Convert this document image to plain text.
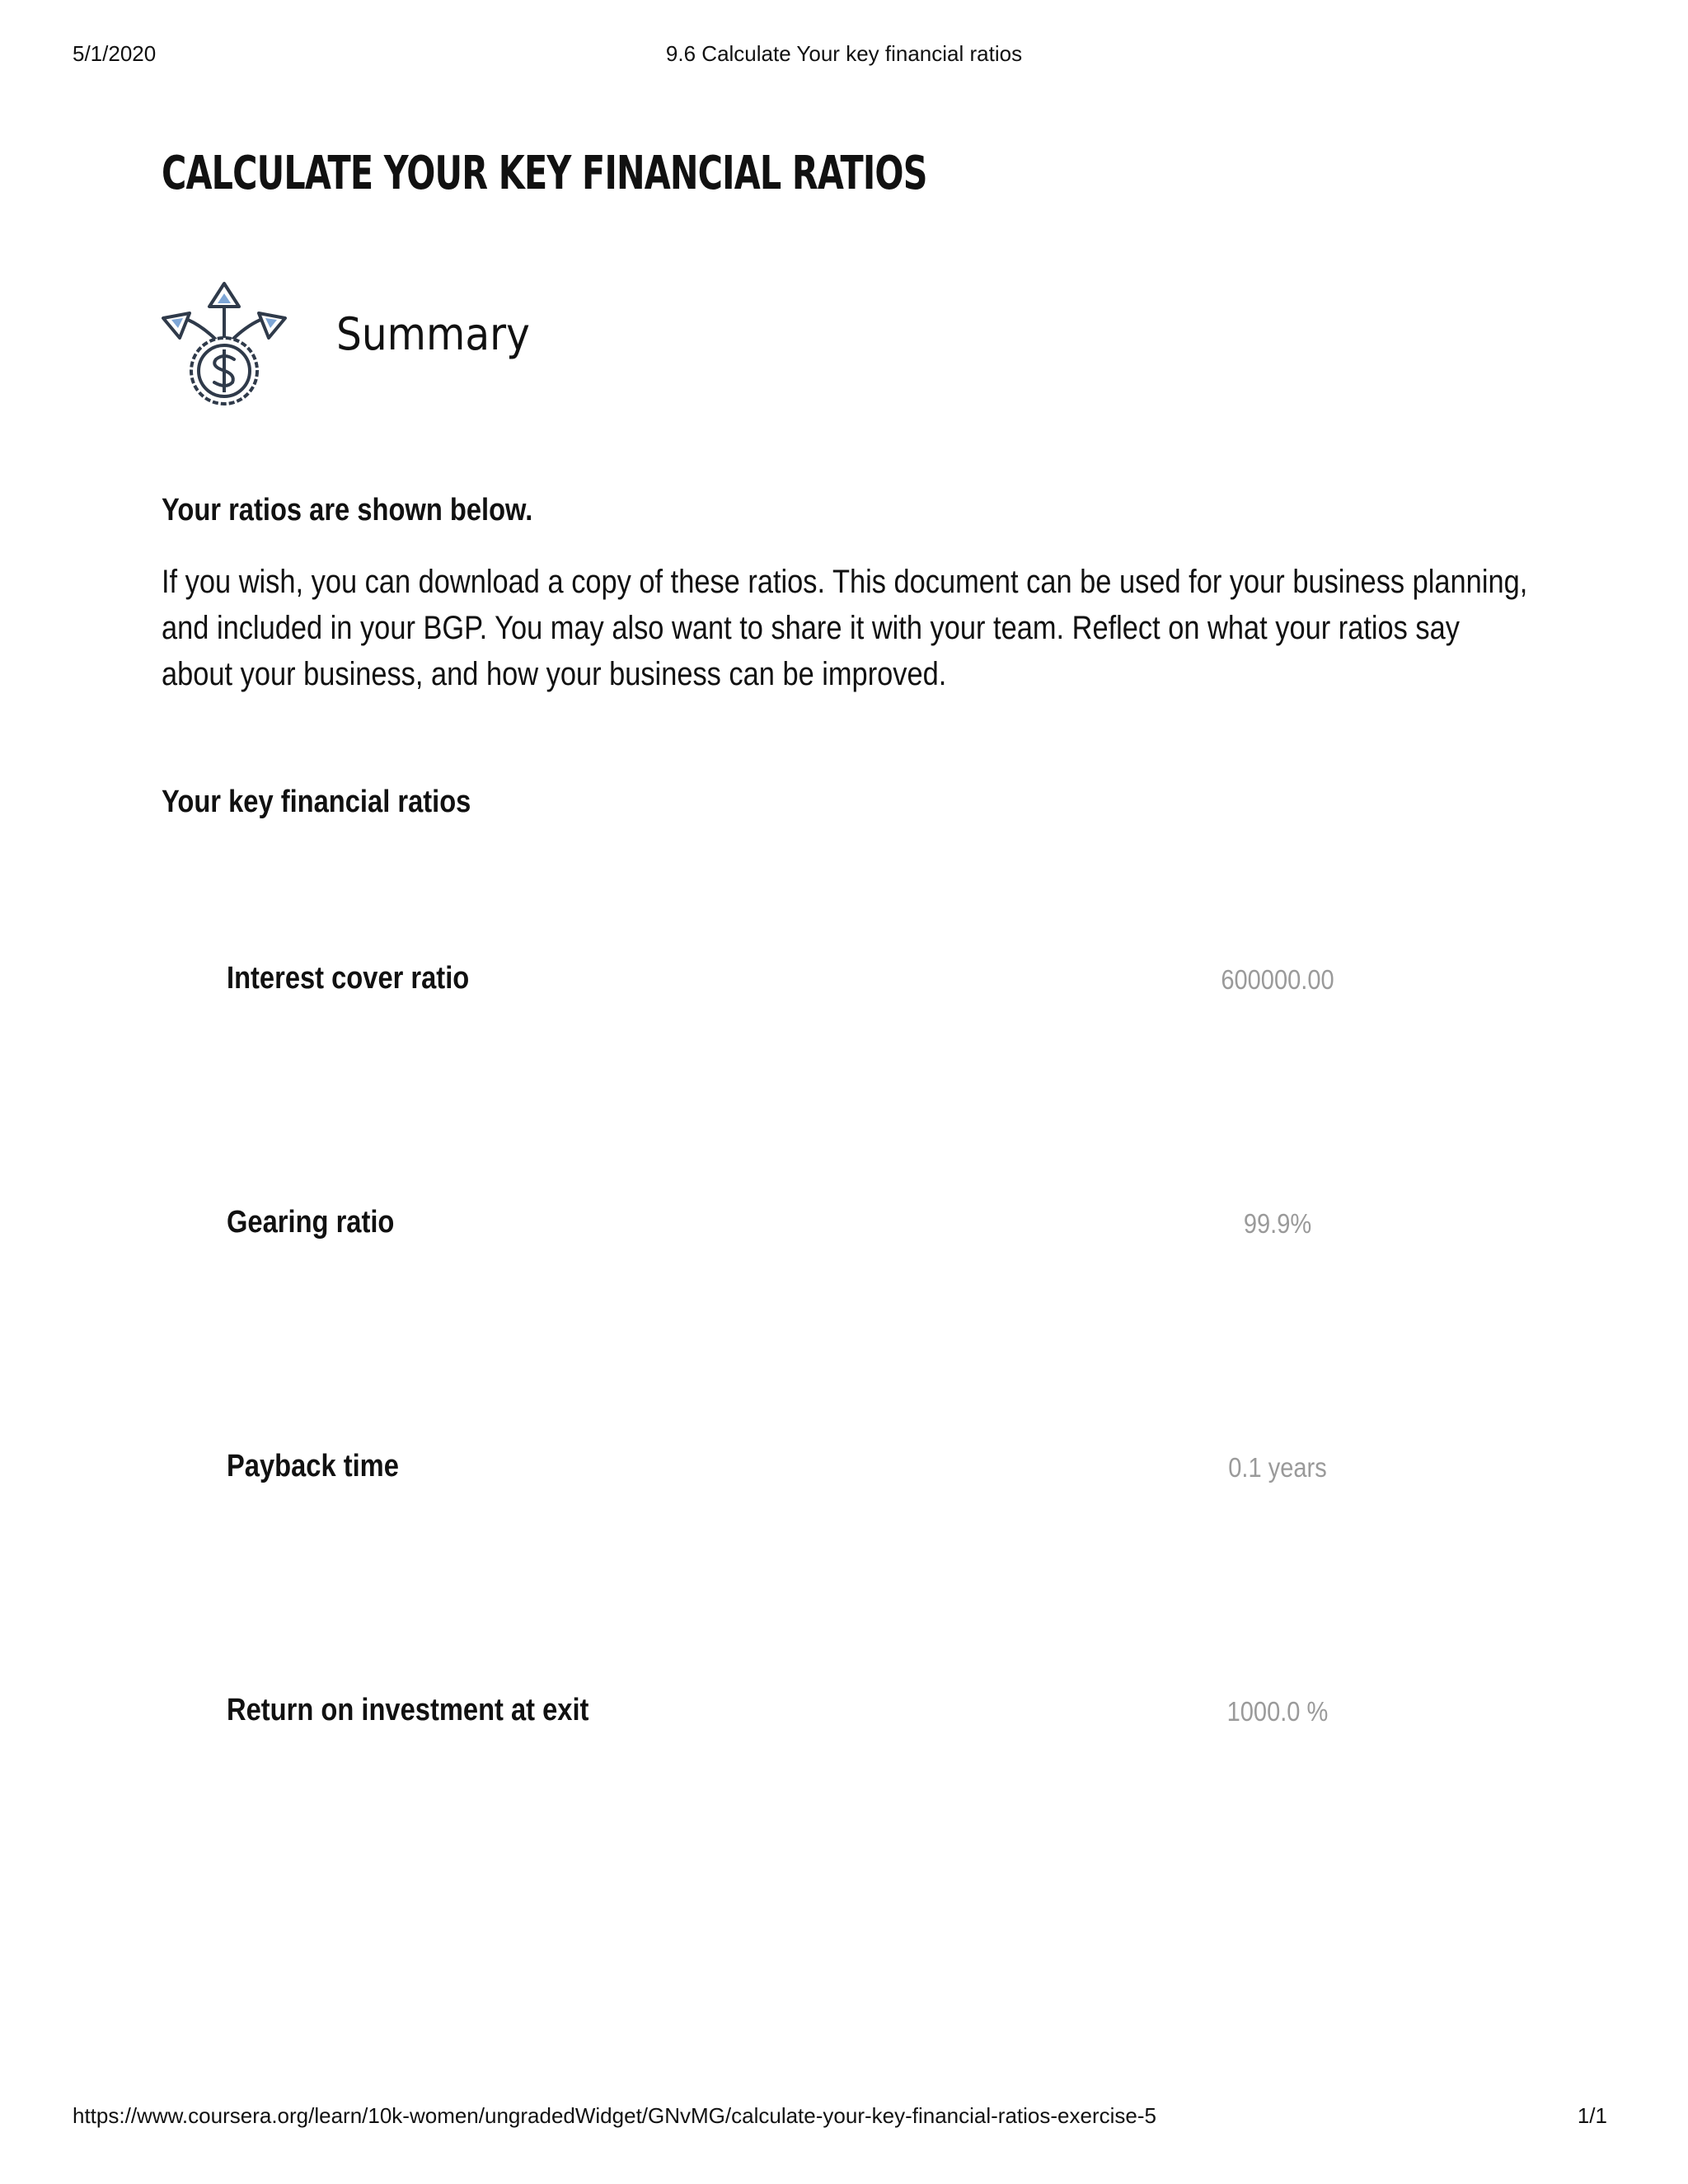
5/1/2020	9.6 Calculate Your key financial ratios
CALCULATE YOUR KEY FINANCIAL RATIOS
Summary

Your ratios are shown below.

If you wish, you can download a copy of these ratios. This document can be used for your business planning, and included in your BGP. You may also want to share it with your team. Reflect on what your ratios say about your business, and how your business can be improved.

Your key financial ratios

Interest cover ratio	600000.00
Gearing ratio	99.9%
Payback time	0.1 years
Return on investment at exit	1000.0 %
https://www.coursera.org/learn/10k-women/ungradedWidget/GNvMG/calculate-your-key-financial-ratios-exercise-5	1/1
